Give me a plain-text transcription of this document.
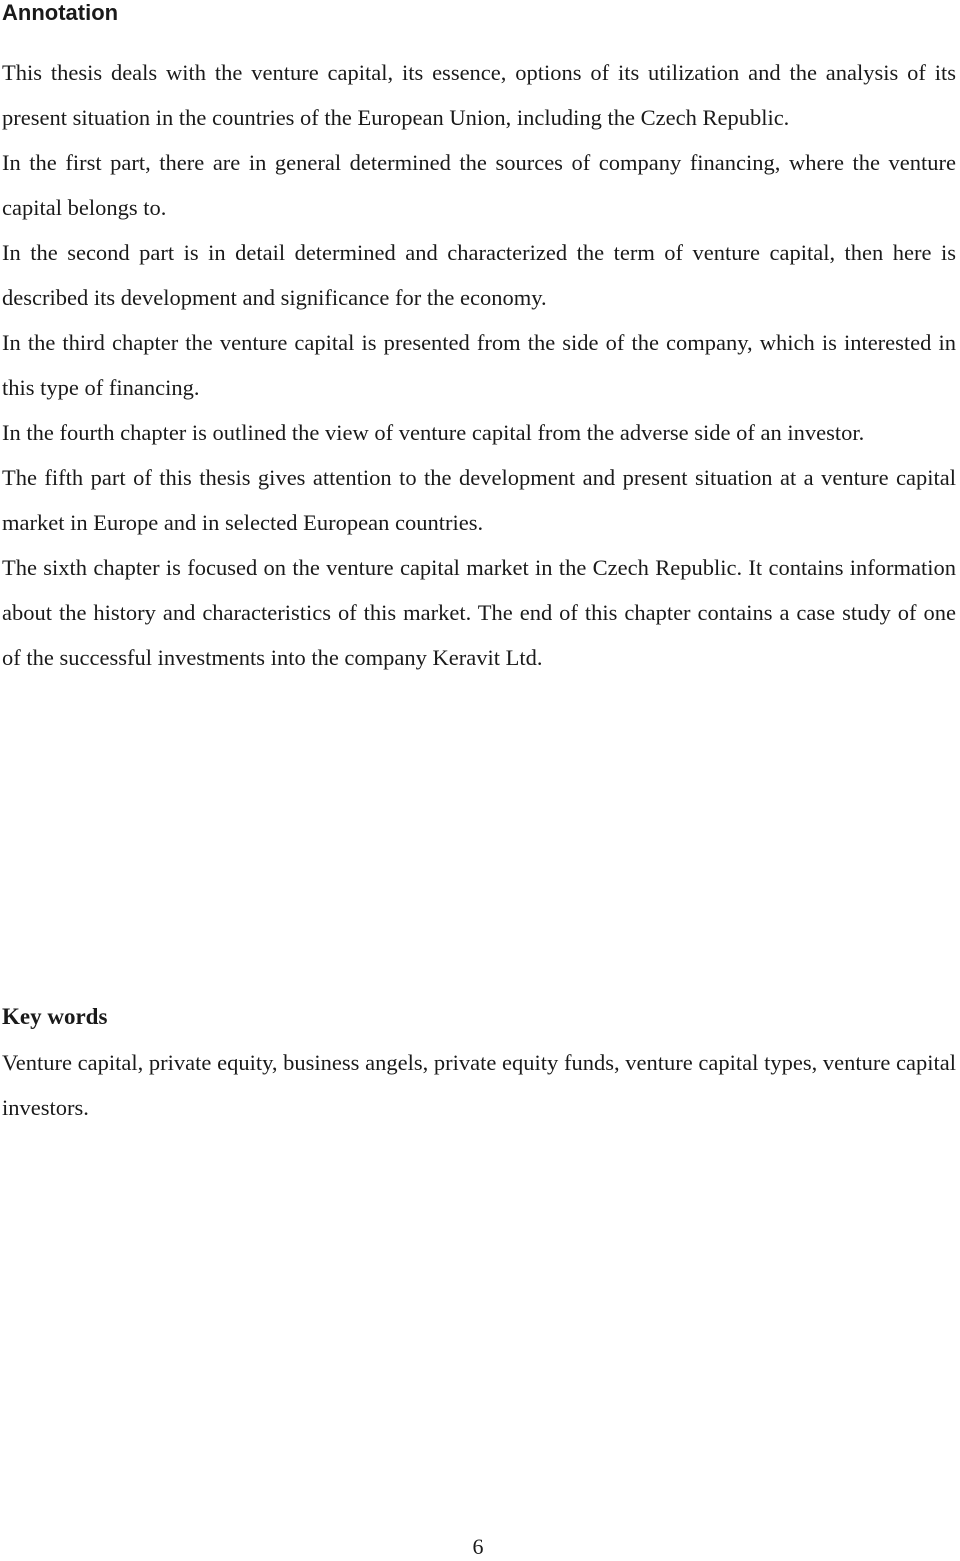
Annotation

This thesis deals with the venture capital, its essence, options of its utilization and the analysis of its present situation in the countries of the European Union, including the Czech Republic.

In the first part, there are in general determined the sources of company financing, where the venture capital belongs to.

In the second part is in detail determined and characterized the term of venture capital, then here is described its development and significance for the economy.

In the third chapter the venture capital is presented from the side of the company, which is interested in this type of financing.

In the fourth chapter is outlined the view of venture capital from the adverse side of an investor.

The fifth part of this thesis gives attention to the development and present situation at a venture capital market in Europe and in selected European countries.

The sixth chapter is focused on the venture capital market in the Czech Republic. It contains information about the history and characteristics of this market. The end of this chapter contains a case study of one of the successful investments into the company Keravit Ltd.

Key words

Venture capital, private equity, business angels, private equity funds, venture capital types, venture capital investors.

6
